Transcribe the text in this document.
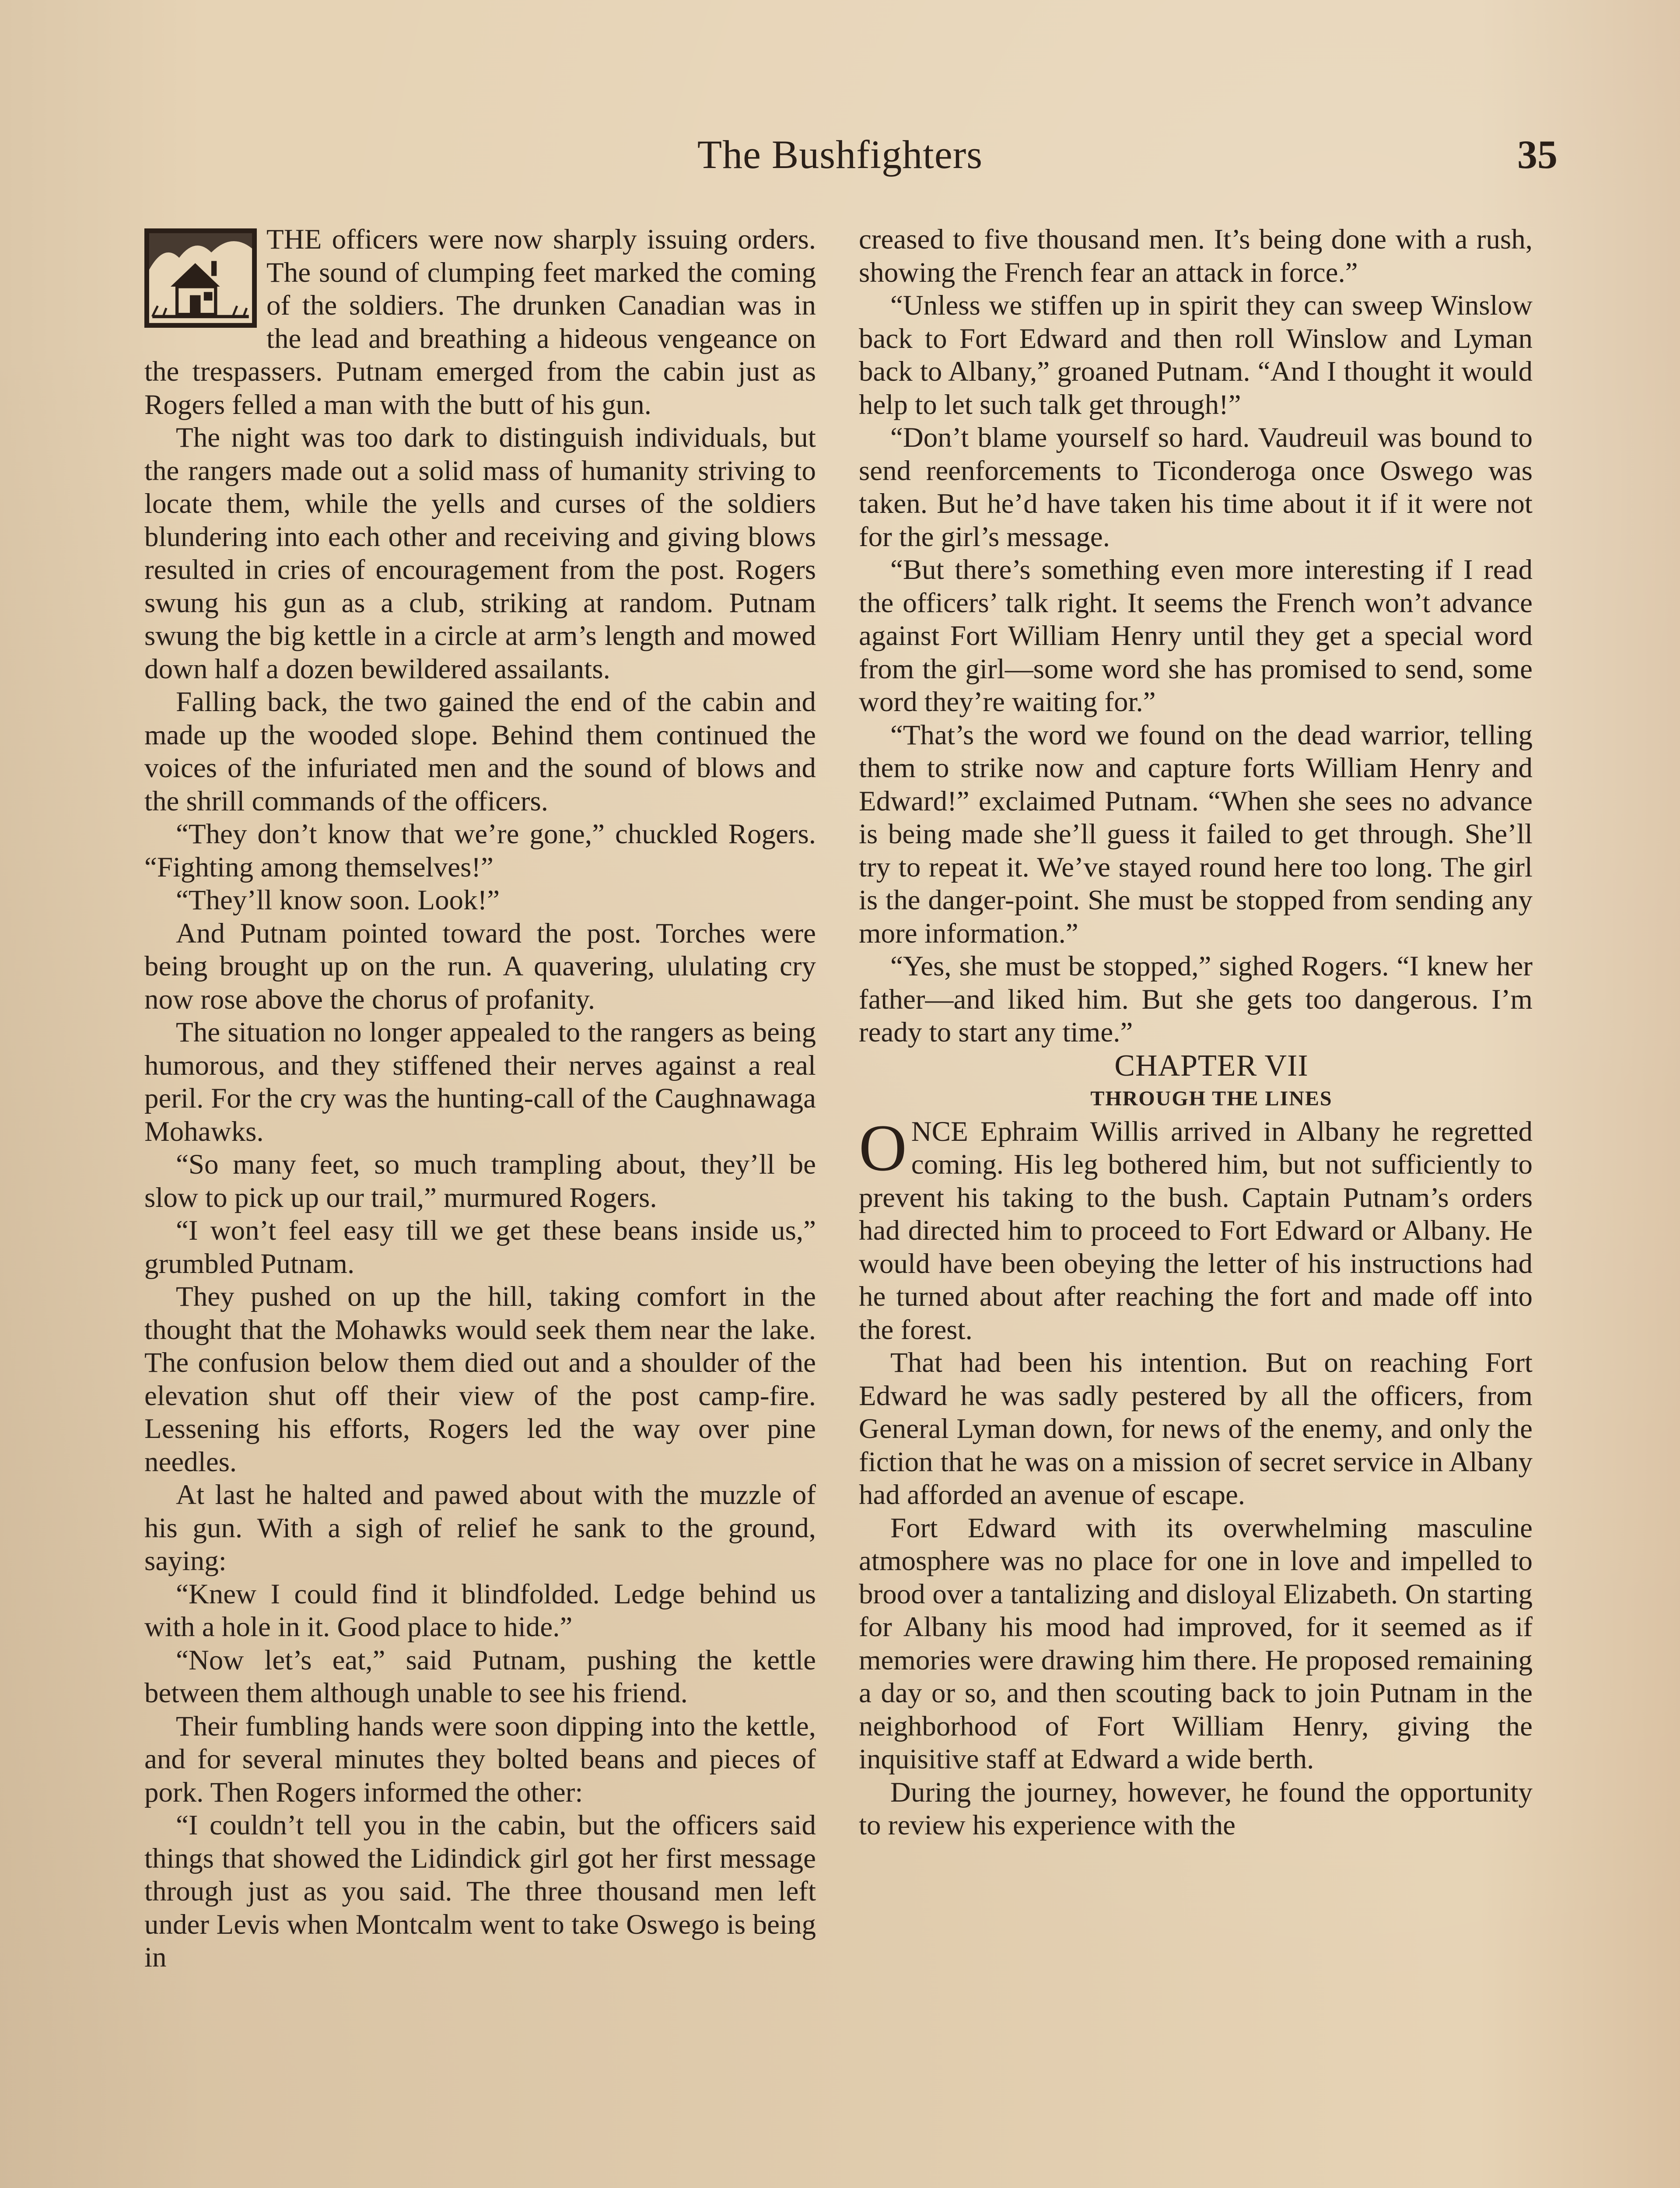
The Bushfighters	35

THE officers were now sharply issuing orders. The sound of clumping feet marked the coming of the soldiers. The drunken Canadian was in the lead and breathing a hideous vengeance on the trespassers. Putnam emerged from the cabin just as Rogers felled a man with the butt of his gun.

The night was too dark to distinguish individuals, but the rangers made out a solid mass of humanity striving to locate them, while the yells and curses of the soldiers blundering into each other and receiving and giving blows resulted in cries of encouragement from the post. Rogers swung his gun as a club, striking at random. Putnam swung the big kettle in a circle at arm’s length and mowed down half a dozen bewildered assailants.

Falling back, the two gained the end of the cabin and made up the wooded slope. Behind them continued the voices of the infuriated men and the sound of blows and the shrill commands of the officers.

“They don’t know that we’re gone,” chuckled Rogers. “Fighting among themselves!”

“They’ll know soon. Look!”

And Putnam pointed toward the post. Torches were being brought up on the run. A quavering, ululating cry now rose above the chorus of profanity.

The situation no longer appealed to the rangers as being humorous, and they stiffened their nerves against a real peril. For the cry was the hunting-call of the Caughnawaga Mohawks.

“So many feet, so much trampling about, they’ll be slow to pick up our trail,” murmured Rogers.

“I won’t feel easy till we get these beans inside us,” grumbled Putnam.

They pushed on up the hill, taking comfort in the thought that the Mohawks would seek them near the lake. The confusion below them died out and a shoulder of the elevation shut off their view of the post camp-fire. Lessening his efforts, Rogers led the way over pine needles.

At last he halted and pawed about with the muzzle of his gun. With a sigh of relief he sank to the ground, saying:

“Knew I could find it blindfolded. Ledge behind us with a hole in it. Good place to hide.”

“Now let’s eat,” said Putnam, pushing the kettle between them although unable to see his friend.

Their fumbling hands were soon dipping into the kettle, and for several minutes they bolted beans and pieces of pork. Then Rogers informed the other:

“I couldn’t tell you in the cabin, but the officers said things that showed the Lidindick girl got her first message through just as you said. The three thousand men left under Levis when Montcalm went to take Oswego is being in

creased to five thousand men. It’s being done with a rush, showing the French fear an attack in force.”

“Unless we stiffen up in spirit they can sweep Winslow back to Fort Edward and then roll Winslow and Lyman back to Albany,” groaned Putnam. “And I thought it would help to let such talk get through!”

“Don’t blame yourself so hard. Vaudreuil was bound to send reenforcements to Ticonderoga once Oswego was taken. But he’d have taken his time about it if it were not for the girl’s message.

“But there’s something even more interesting if I read the officers’ talk right. It seems the French won’t advance against Fort William Henry until they get a special word from the girl—some word she has promised to send, some word they’re waiting for.”

“That’s the word we found on the dead warrior, telling them to strike now and capture forts William Henry and Edward!” exclaimed Putnam. “When she sees no advance is being made she’ll guess it failed to get through. She’ll try to repeat it. We’ve stayed round here too long. The girl is the danger-point. She must be stopped from sending any more information.”

“Yes, she must be stopped,” sighed Rogers. “I knew her father—and liked him. But she gets too dangerous. I’m ready to start any time.”

CHAPTER VII

THROUGH THE LINES

ONCE Ephraim Willis arrived in Albany he regretted coming. His leg bothered him, but not sufficiently to prevent his taking to the bush. Captain Putnam’s orders had directed him to proceed to Fort Edward or Albany. He would have been obeying the letter of his instructions had he turned about after reaching the fort and made off into the forest.

That had been his intention. But on reaching Fort Edward he was sadly pestered by all the officers, from General Lyman down, for news of the enemy, and only the fiction that he was on a mission of secret service in Albany had afforded an avenue of escape.

Fort Edward with its overwhelming masculine atmosphere was no place for one in love and impelled to brood over a tantalizing and disloyal Elizabeth. On starting for Albany his mood had improved, for it seemed as if memories were drawing him there. He proposed remaining a day or so, and then scouting back to join Putnam in the neighborhood of Fort William Henry, giving the inquisitive staff at Edward a wide berth.

During the journey, however, he found the opportunity to review his experience with the
